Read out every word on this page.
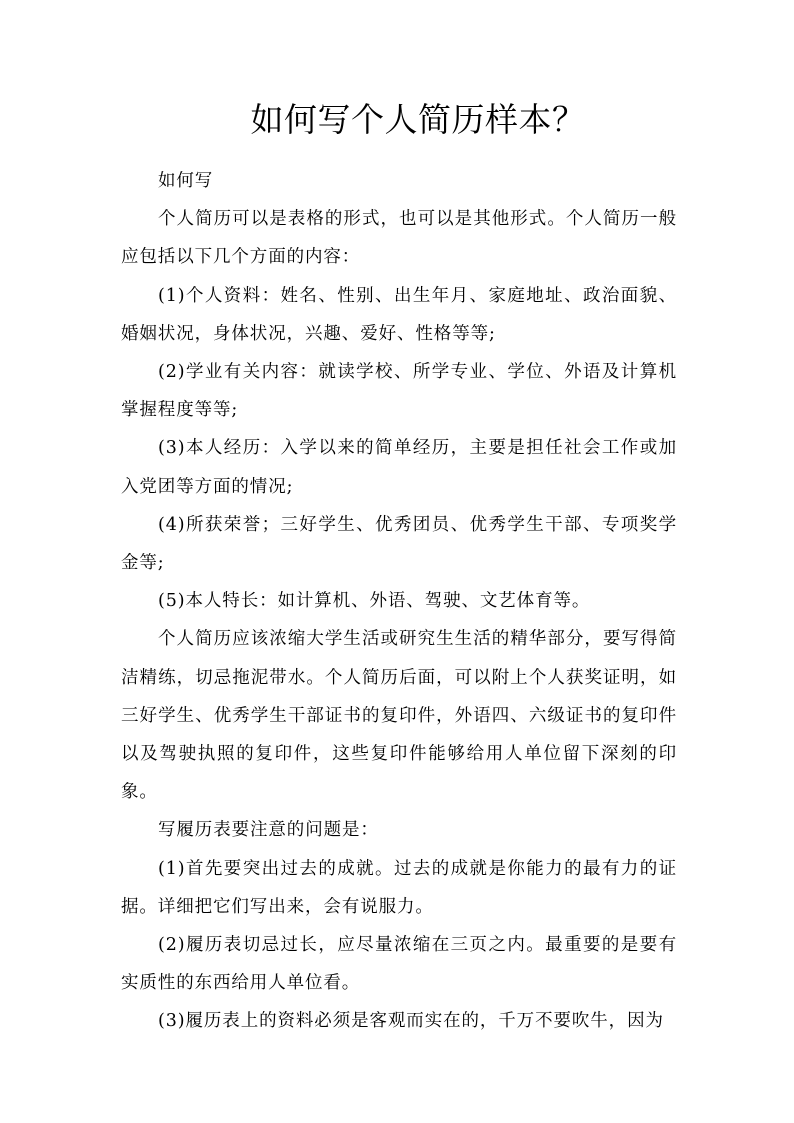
如何写个人简历样本？

如何写

个人简历可以是表格的形式，也可以是其他形式。个人简历一般应包括以下几个方面的内容：

(1)个人资料：姓名、性别、出生年月、家庭地址、政治面貌、婚姻状况，身体状况，兴趣、爱好、性格等等;

(2)学业有关内容：就读学校、所学专业、学位、外语及计算机掌握程度等等;

(3)本人经历：入学以来的简单经历，主要是担任社会工作或加入党团等方面的情况;

(4)所获荣誉；三好学生、优秀团员、优秀学生干部、专项奖学金等;

(5)本人特长：如计算机、外语、驾驶、文艺体育等。

个人简历应该浓缩大学生活或研究生生活的精华部分，要写得简洁精练，切忌拖泥带水。个人简历后面，可以附上个人获奖证明，如三好学生、优秀学生干部证书的复印件，外语四、六级证书的复印件以及驾驶执照的复印件，这些复印件能够给用人单位留下深刻的印象。

写履历表要注意的问题是：

(1)首先要突出过去的成就。过去的成就是你能力的最有力的证据。详细把它们写出来，会有说服力。

(2)履历表切忌过长，应尽量浓缩在三页之内。最重要的是要有实质性的东西给用人单位看。

(3)履历表上的资料必须是客观而实在的，千万不要吹牛，因为
